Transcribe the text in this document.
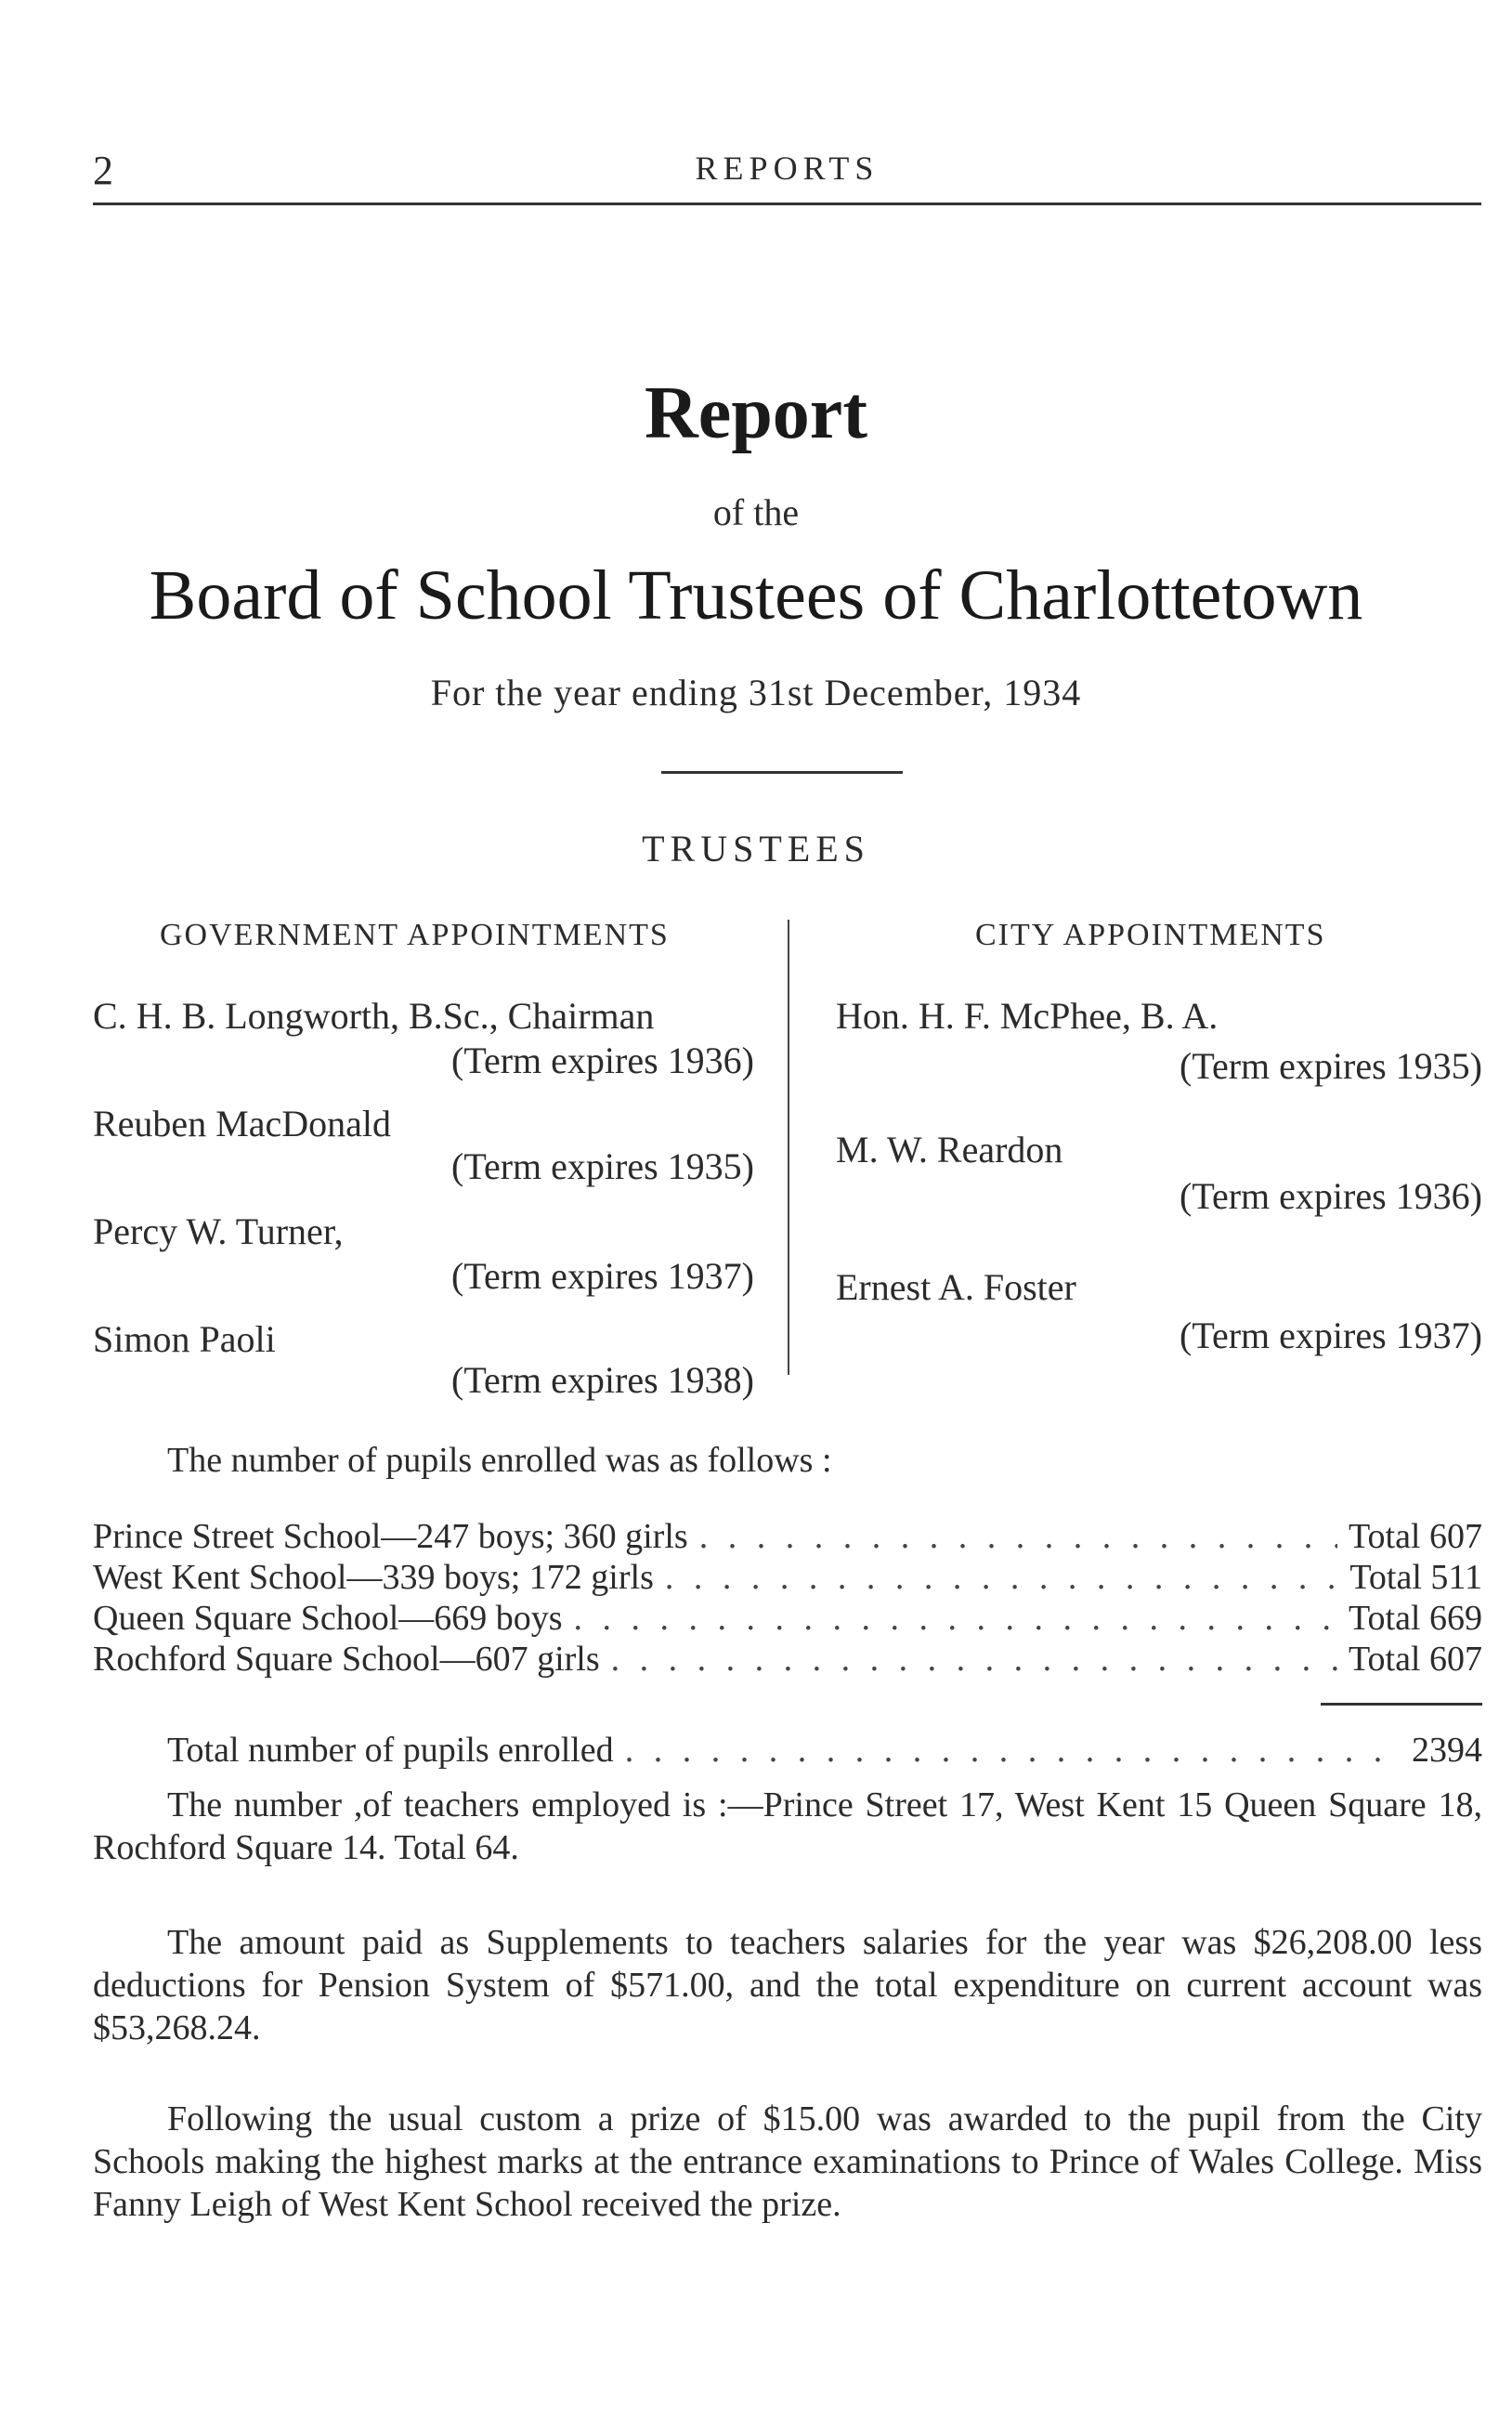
2	REPORTS
Report
of the
Board of School Trustees of Charlottetown
For the year ending 31st December, 1934
TRUSTEES
GOVERNMENT APPOINTMENTS
C. H. B. Longworth, B.Sc., Chairman
(Term expires 1936)
Reuben MacDonald
(Term expires 1935)
Percy W. Turner,
(Term expires 1937)
Simon Paoli
(Term expires 1938)
CITY APPOINTMENTS
Hon. H. F. McPhee, B. A.
(Term expires 1935)
M. W. Reardon
(Term expires 1936)
Ernest A. Foster
(Term expires 1937)
The number of pupils enrolled was as follows :
Prince Street School—247 boys; 360 girls . . .	Total 607
West Kent School—339 boys; 172 girls . . .	Total 511
Queen Square School—669 boys . . .	Total 669
Rochford Square School—607 girls . . .	Total 607
Total number of pupils enrolled . . .	2394

The number ,of teachers employed is :—Prince Street 17, West Kent 15 Queen Square 18, Rochford Square 14. Total 64.

The amount paid as Supplements to teachers salaries for the year was $26,208.00 less deductions for Pension System of $571.00, and the total expenditure on current account was $53,268.24.

Following the usual custom a prize of $15.00 was awarded to the pupil from the City Schools making the highest marks at the entrance examinations to Prince of Wales College. Miss Fanny Leigh of West Kent School received the prize.
